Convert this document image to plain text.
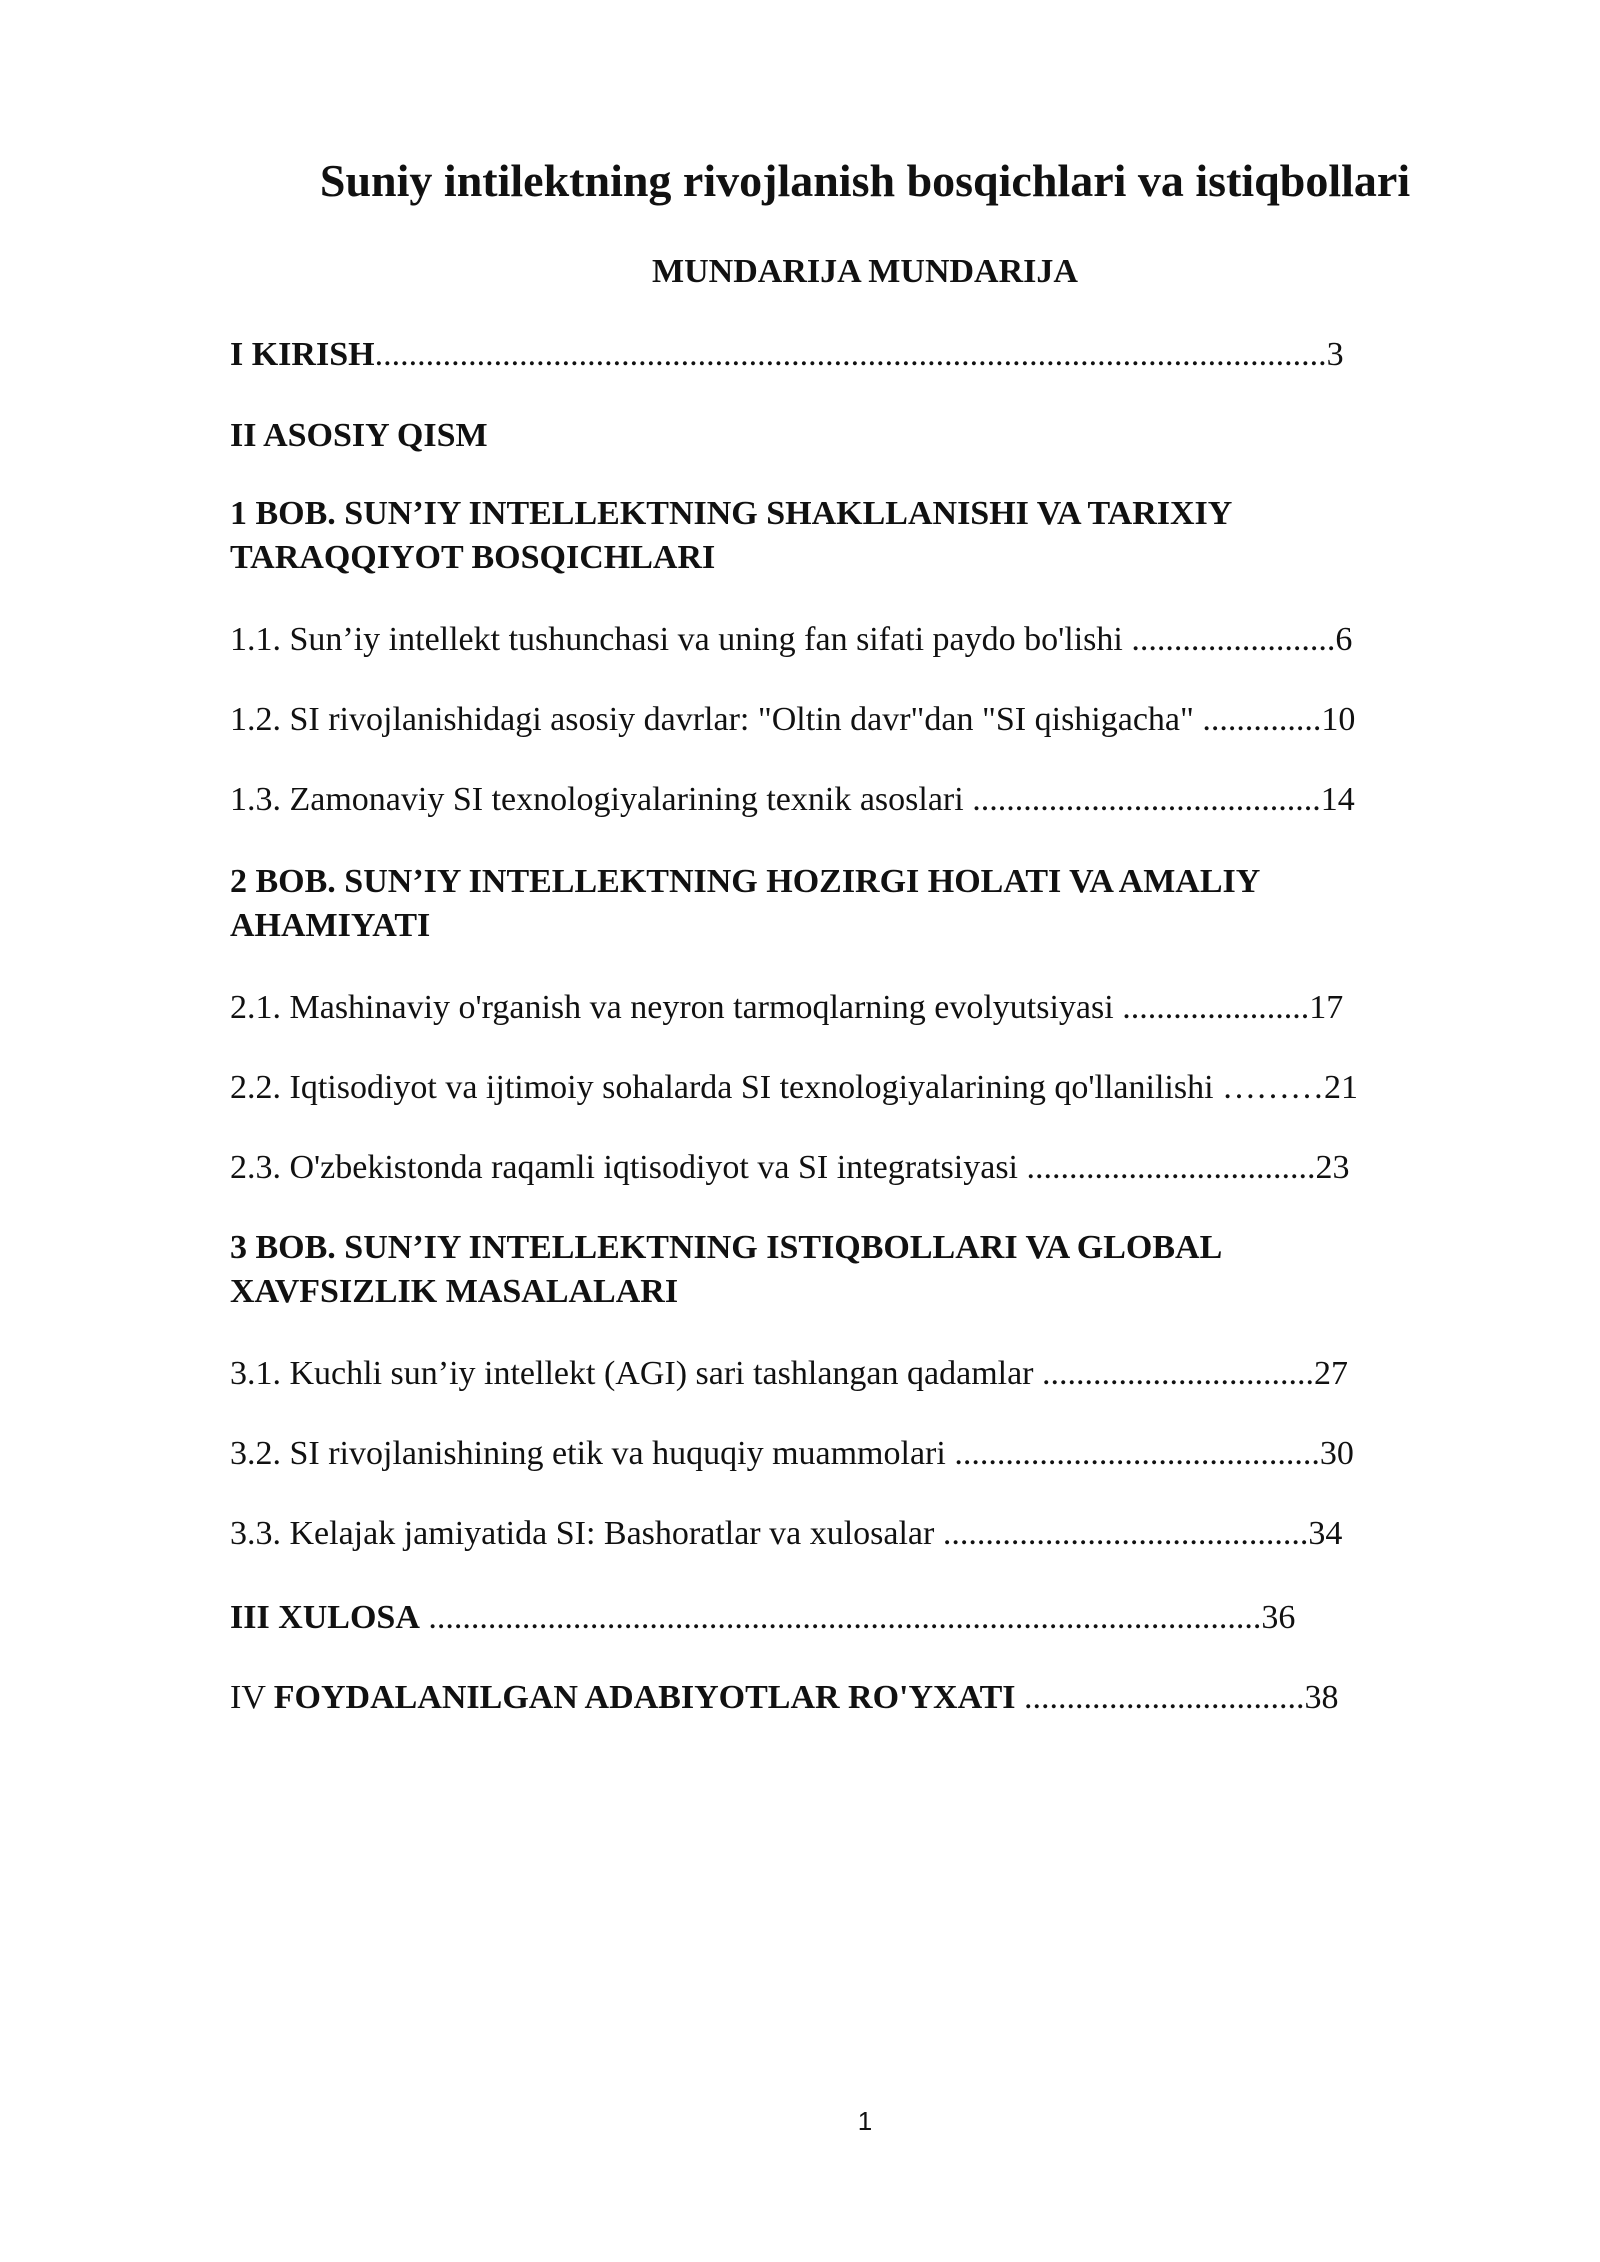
Suniy intilektning rivojlanish bosqichlari va istiqbollari
MUNDARIJA MUNDARIJA
I KIRISH................................................................................................................3
II ASOSIY QISM
1 BOB. SUN’IY INTELLEKTNING SHAKLLANISHI VA TARIXIY
TARAQQIYOT BOSQICHLARI
1.1. Sun’iy intellekt tushunchasi va uning fan sifati paydo bo'lishi ........................6
1.2. SI rivojlanishidagi asosiy davrlar: "Oltin davr"dan "SI qishigacha" ..............10
1.3. Zamonaviy SI texnologiyalarining texnik asoslari .........................................14
2 BOB. SUN’IY INTELLEKTNING HOZIRGI HOLATI VA AMALIY
AHAMIYATI
2.1. Mashinaviy o'rganish va neyron tarmoqlarning evolyutsiyasi ......................17
2.2. Iqtisodiyot va ijtimoiy sohalarda SI texnologiyalarining qo'llanilishi ………21
2.3. O'zbekistonda raqamli iqtisodiyot va SI integratsiyasi ..................................23
3 BOB. SUN’IY INTELLEKTNING ISTIQBOLLARI VA GLOBAL
XAVFSIZLIK MASALALARI
3.1. Kuchli sun’iy intellekt (AGI) sari tashlangan qadamlar ................................27
3.2. SI rivojlanishining etik va huquqiy muammolari ...........................................30
3.3. Kelajak jamiyatida SI: Bashoratlar va xulosalar ...........................................34
III XULOSA ..................................................................................................36
IV FOYDALANILGAN ADABIYOTLAR RO'YXATI .................................38
1
